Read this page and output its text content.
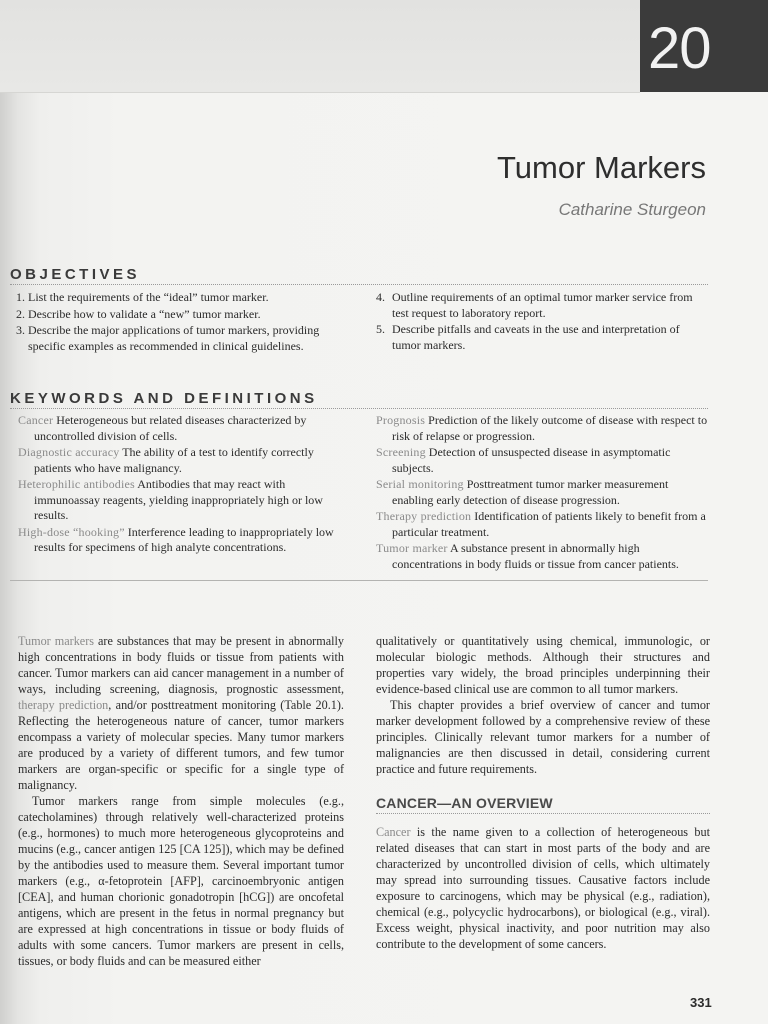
20
Tumor Markers
Catharine Sturgeon
OBJECTIVES
1. List the requirements of the “ideal” tumor marker.
2. Describe how to validate a “new” tumor marker.
3. Describe the major applications of tumor markers, providing specific examples as recommended in clinical guidelines.
4. Outline requirements of an optimal tumor marker service from test request to laboratory report.
5. Describe pitfalls and caveats in the use and interpretation of tumor markers.
KEYWORDS AND DEFINITIONS
Cancer Heterogeneous but related diseases characterized by uncontrolled division of cells.
Diagnostic accuracy The ability of a test to identify correctly patients who have malignancy.
Heterophilic antibodies Antibodies that may react with immunoassay reagents, yielding inappropriately high or low results.
High-dose “hooking” Interference leading to inappropriately low results for specimens of high analyte concentrations.
Prognosis Prediction of the likely outcome of disease with respect to risk of relapse or progression.
Screening Detection of unsuspected disease in asymptomatic subjects.
Serial monitoring Posttreatment tumor marker measurement enabling early detection of disease progression.
Therapy prediction Identification of patients likely to benefit from a particular treatment.
Tumor marker A substance present in abnormally high concentrations in body fluids or tissue from cancer patients.

Tumor markers are substances that may be present in abnormally high concentrations in body fluids or tissue from patients with cancer. Tumor markers can aid cancer management in a number of ways, including screening, diagnosis, prognostic assessment, therapy prediction, and/or posttreatment monitoring (Table 20.1). Reflecting the heterogeneous nature of cancer, tumor markers encompass a variety of molecular species. Many tumor markers are produced by a variety of different tumors, and few tumor markers are organ-specific or specific for a single type of malignancy.

Tumor markers range from simple molecules (e.g., catecholamines) through relatively well-characterized proteins (e.g., hormones) to much more heterogeneous glycoproteins and mucins (e.g., cancer antigen 125 [CA 125]), which may be defined by the antibodies used to measure them. Several important tumor markers (e.g., α-fetoprotein [AFP], carcinoembryonic antigen [CEA], and human chorionic gonadotropin [hCG]) are oncofetal antigens, which are present in the fetus in normal pregnancy but are expressed at high concentrations in tissue or body fluids of adults with some cancers. Tumor markers are present in cells, tissues, or body fluids and can be measured either

qualitatively or quantitatively using chemical, immunologic, or molecular biologic methods. Although their structures and properties vary widely, the broad principles underpinning their evidence-based clinical use are common to all tumor markers.

This chapter provides a brief overview of cancer and tumor marker development followed by a comprehensive review of these principles. Clinically relevant tumor markers for a number of malignancies are then discussed in detail, considering current practice and future requirements.

CANCER—AN OVERVIEW

Cancer is the name given to a collection of heterogeneous but related diseases that can start in most parts of the body and are characterized by uncontrolled division of cells, which ultimately may spread into surrounding tissues. Causative factors include exposure to carcinogens, which may be physical (e.g., radiation), chemical (e.g., polycyclic hydrocarbons), or biological (e.g., viral). Excess weight, physical inactivity, and poor nutrition may also contribute to the development of some cancers.

331
